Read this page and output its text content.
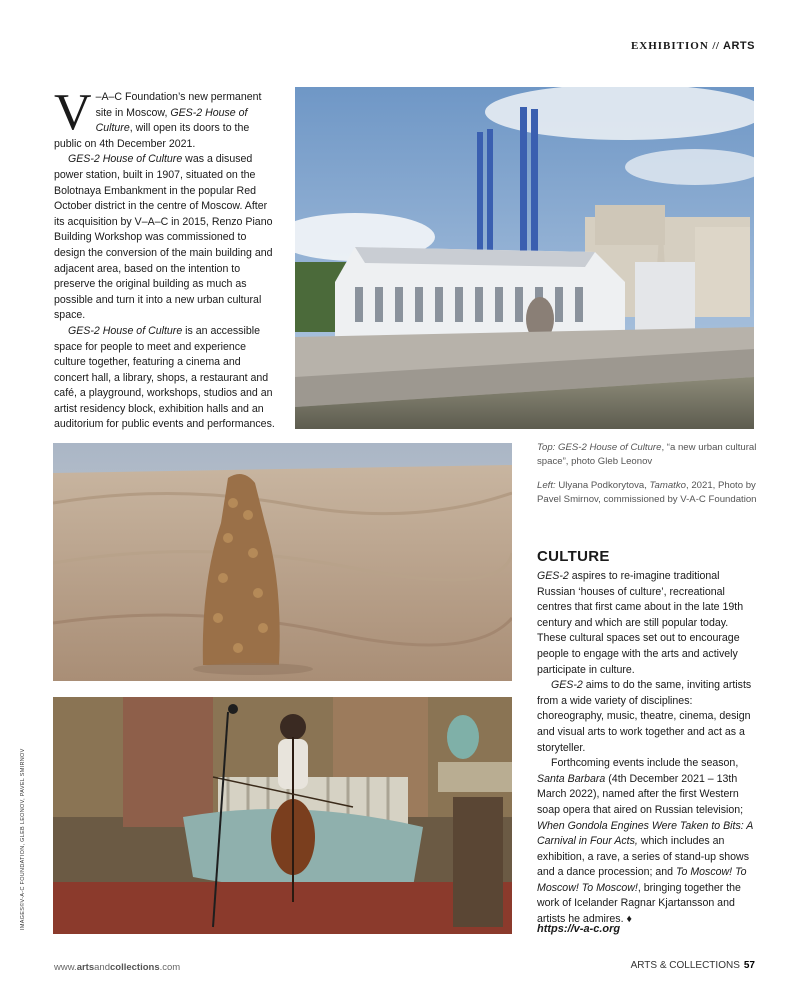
EXHIBITION // ARTS

V –A–C Foundation’s new permanent site in Moscow, GES-2 House of Culture, will open its doors to the public on 4th December 2021.

GES-2 House of Culture was a disused power station, built in 1907, situated on the Bolotnaya Embankment in the popular Red October district in the centre of Moscow. After its acquisition by V–A–C in 2015, Renzo Piano Building Workshop was commissioned to design the conversion of the main building and adjacent area, based on the intention to preserve the original building as much as possible and turn it into a new urban cultural space.

GES-2 House of Culture is an accessible space for people to meet and experience culture together, featuring a cinema and concert hall, a library, shops, a restaurant and café, a playground, workshops, studios and an artist residency block, exhibition halls and an auditorium for public events and performances.

Top: GES-2 House of Culture, “a new urban cultural space”, photo Gleb Leonov

Left: Ulyana Podkorytova, Tamatko, 2021, Photo by Pavel Smirnov, commissioned by V-A-C Foundation

CULTURE

GES-2 aspires to re-imagine traditional Russian ‘houses of culture’, recreational centres that first came about in the late 19th century and which are still popular today. These cultural spaces set out to encourage people to engage with the arts and actively participate in culture.

GES-2 aims to do the same, inviting artists from a wide variety of disciplines: choreography, music, theatre, cinema, design and visual arts to work together and act as a storyteller.

Forthcoming events include the season, Santa Barbara (4th December 2021 – 13th March 2022), named after the first Western soap opera that aired on Russian television; When Gondola Engines Were Taken to Bits: A Carnival in Four Acts, which includes an exhibition, a rave, a series of stand-up shows and a dance procession; and To Moscow! To Moscow! To Moscow!, bringing together the work of Icelander Ragnar Kjartansson and artists he admires. ♦

https://v-a-c.org
IMAGES©V-A-C FOUNDATION, GLEB LEONOV, PAVEL SMIRNOV
www.artsandcollections.com	ARTS & COLLECTIONS 57
